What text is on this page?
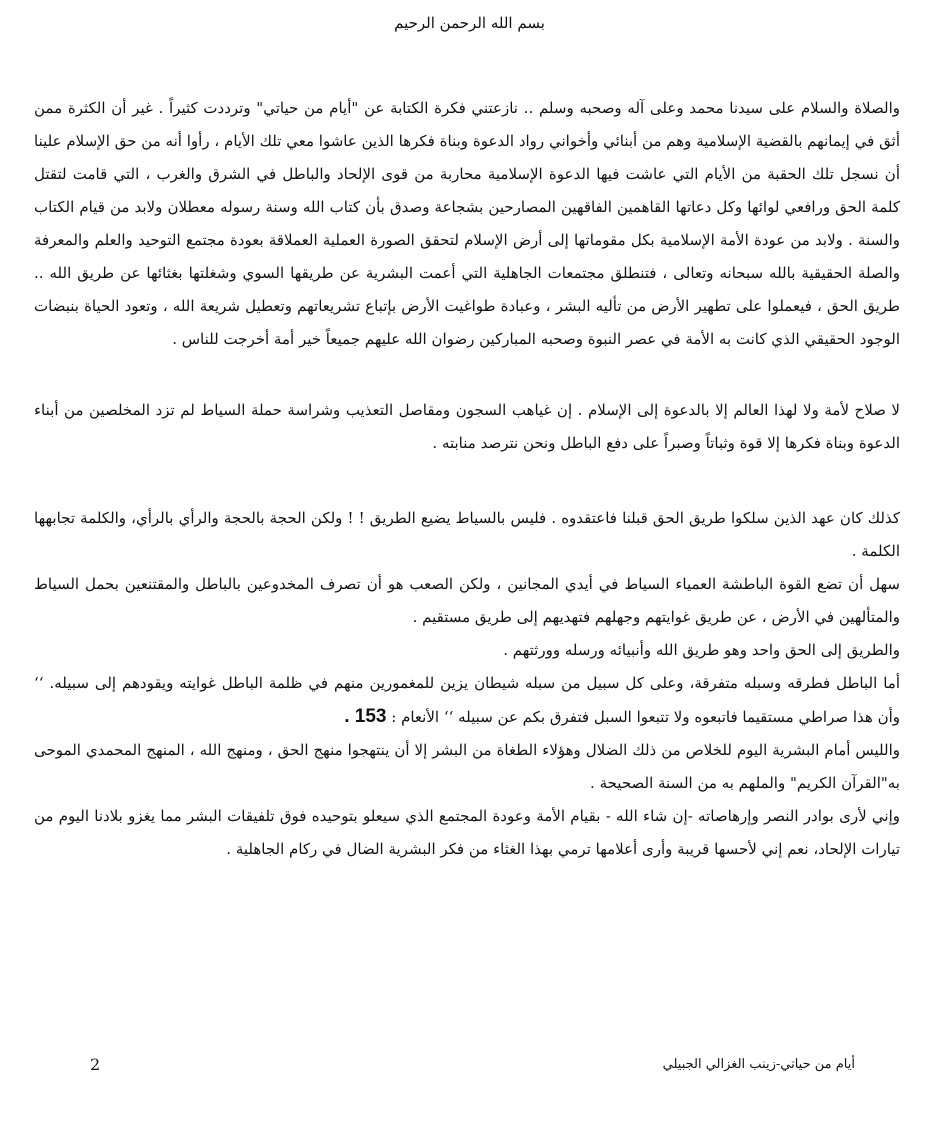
بسم الله الرحمن الرحيم

والصلاة والسلام على سيدنا محمد وعلى آله وصحبه وسلم .. نازعتني فكرة الكتابة عن "أيام من حياتي" وترددت كثيراً . غير أن الكثرة ممن أثق في إيمانهم بالقضية الإسلامية وهم من أبنائي وأخواني رواد الدعوة وبناة فكرها الذين عاشوا معي تلك الأيام ، رأوا أنه من حق الإسلام علينا أن نسجل تلك الحقبة من الأيام التي عاشت فيها الدعوة الإسلامية محاربة من قوى الإلحاد والباطل في الشرق والغرب ، التي قامت لتقتل كلمة الحق ورافعي لوائها وكل دعاتها القاهمين الفاقهين المصارحين بشجاعة وصدق بأن كتاب الله وسنة رسوله معطلان ولابد من قيام الكتاب والسنة . ولابد من عودة الأمة الإسلامية بكل مقوماتها إلى أرض الإسلام لتحقق الصورة العملية العملاقة بعودة مجتمع التوحيد والعلم والمعرفة والصلة الحقيقية بالله سبحانه وتعالى ، فتنطلق مجتمعات الجاهلية التي أعمت البشرية عن طريقها السوي وشغلتها بغثائها عن طريق الله .. طريق الحق ، فيعملوا على تطهير الأرض من تأليه البشر ، وعبادة طواغيت الأرض بإتباع تشريعاتهم وتعطيل شريعة الله ، وتعود الحياة بنبضات الوجود الحقيقي الذي كانت به الأمة في عصر النبوة وصحبه المباركين رضوان الله عليهم جميعاً خير أمة أخرجت للناس .

لا صلاح لأمة ولا لهذا العالم إلا بالدعوة إلى الإسلام . إن غياهب السجون ومقاصل التعذيب وشراسة حملة السياط لم تزد المخلصين من أبناء الدعوة وبناة فكرها إلا قوة وثباتاً وصبراً على دفع الباطل ونحن نترصد منابته .

كذلك كان عهد الذين سلكوا طريق الحق قبلنا فاعتقدوه . فليس بالسياط يضيع الطريق ! ! ولكن الحجة بالحجة والرأي بالرأي، والكلمة تجابهها الكلمة .

سهل أن تضع القوة الباطشة العمياء السياط في أيدي المجانين ، ولكن الصعب هو أن تصرف المخدوعين بالباطل والمقتنعين بحمل السياط والمتألهين في الأرض ، عن طريق غوايتهم وجهلهم فتهديهم إلى طريق مستقيم .

والطريق إلى الحق واحد وهو طريق الله وأنبيائه ورسله وورثتهم .

أما الباطل فطرقه وسبله متفرقة، وعلى كل سبيل من سبله شيطان يزين للمغمورين منهم في ظلمة الباطل غوايته ويقودهم إلى سبيله. ‘‘ وأن هذا صراطي مستقيما فاتبعوه ولا تتبعوا السبل فتفرق بكم عن سبيله ‘‘ الأنعام : 153 .

والليس أمام البشرية اليوم للخلاص من ذلك الضلال وهؤلاء الطغاة من البشر إلا أن ينتهجوا منهج الحق ، ومنهج الله ، المنهج المحمدي الموحى به"القرآن الكريم" والملهم به من السنة الصحيحة .

وإني لأرى بوادر النصر وإرهاصاته -إن شاء الله - بقيام الأمة وعودة المجتمع الذي سيعلو بتوحيده فوق تلفيقات البشر مما يغزو بلادنا اليوم من تيارات الإلحاد، نعم إني لأحسها قريبة وأرى أعلامها ترمي بهذا الغثاء من فكر البشرية الضال في ركام الجاهلية .

أيام من حياتي-زينب الغزالي الجبيلي
2
